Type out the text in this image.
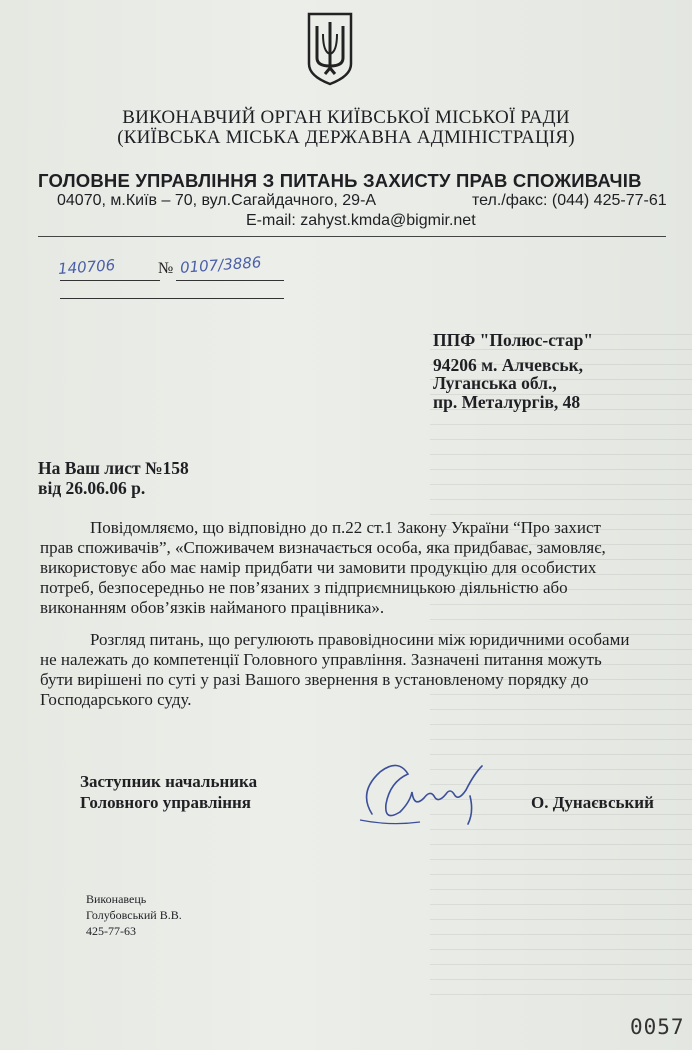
ВИКОНАВЧИЙ ОРГАН КИЇВСЬКОЇ МІСЬКОЇ РАДИ
(КИЇВСЬКА МІСЬКА ДЕРЖАВНА АДМІНІСТРАЦІЯ)
ГОЛОВНЕ УПРАВЛІННЯ З ПИТАНЬ ЗАХИСТУ ПРАВ СПОЖИВАЧІВ
04070, м.Київ – 70, вул.Сагайдачного, 29-А	тел./факс: (044) 425-77-61
E-mail: zahyst.kmda@bigmir.net
140706	№ 0107/3886
ППФ "Полюс-стар"
94206 м. Алчевськ,
Луганська обл.,
пр. Металургів, 48
На Ваш лист №158
від 26.06.06 р.
Повідомляємо, що відповідно до п.22 ст.1 Закону України “Про захист
прав споживачів”, «Споживачем визначається особа, яка придбаває, замовляє,
використовує або має намір придбати чи замовити продукцію для особистих
потреб, безпосередньо не пов’язаних з підприємницькою діяльністю або
виконанням обов’язків найманого працівника».
Розгляд питань, що регулюють правовідносини між юридичними особами
не належать до компетенції Головного управління. Зазначені питання можуть
бути вирішені по суті у разі Вашого звернення в установленому порядку до
Господарського суду.
Заступник начальника
Головного управління	О. Дунаєвський
Виконавець
Голубовський В.В.
425-77-63
0057
